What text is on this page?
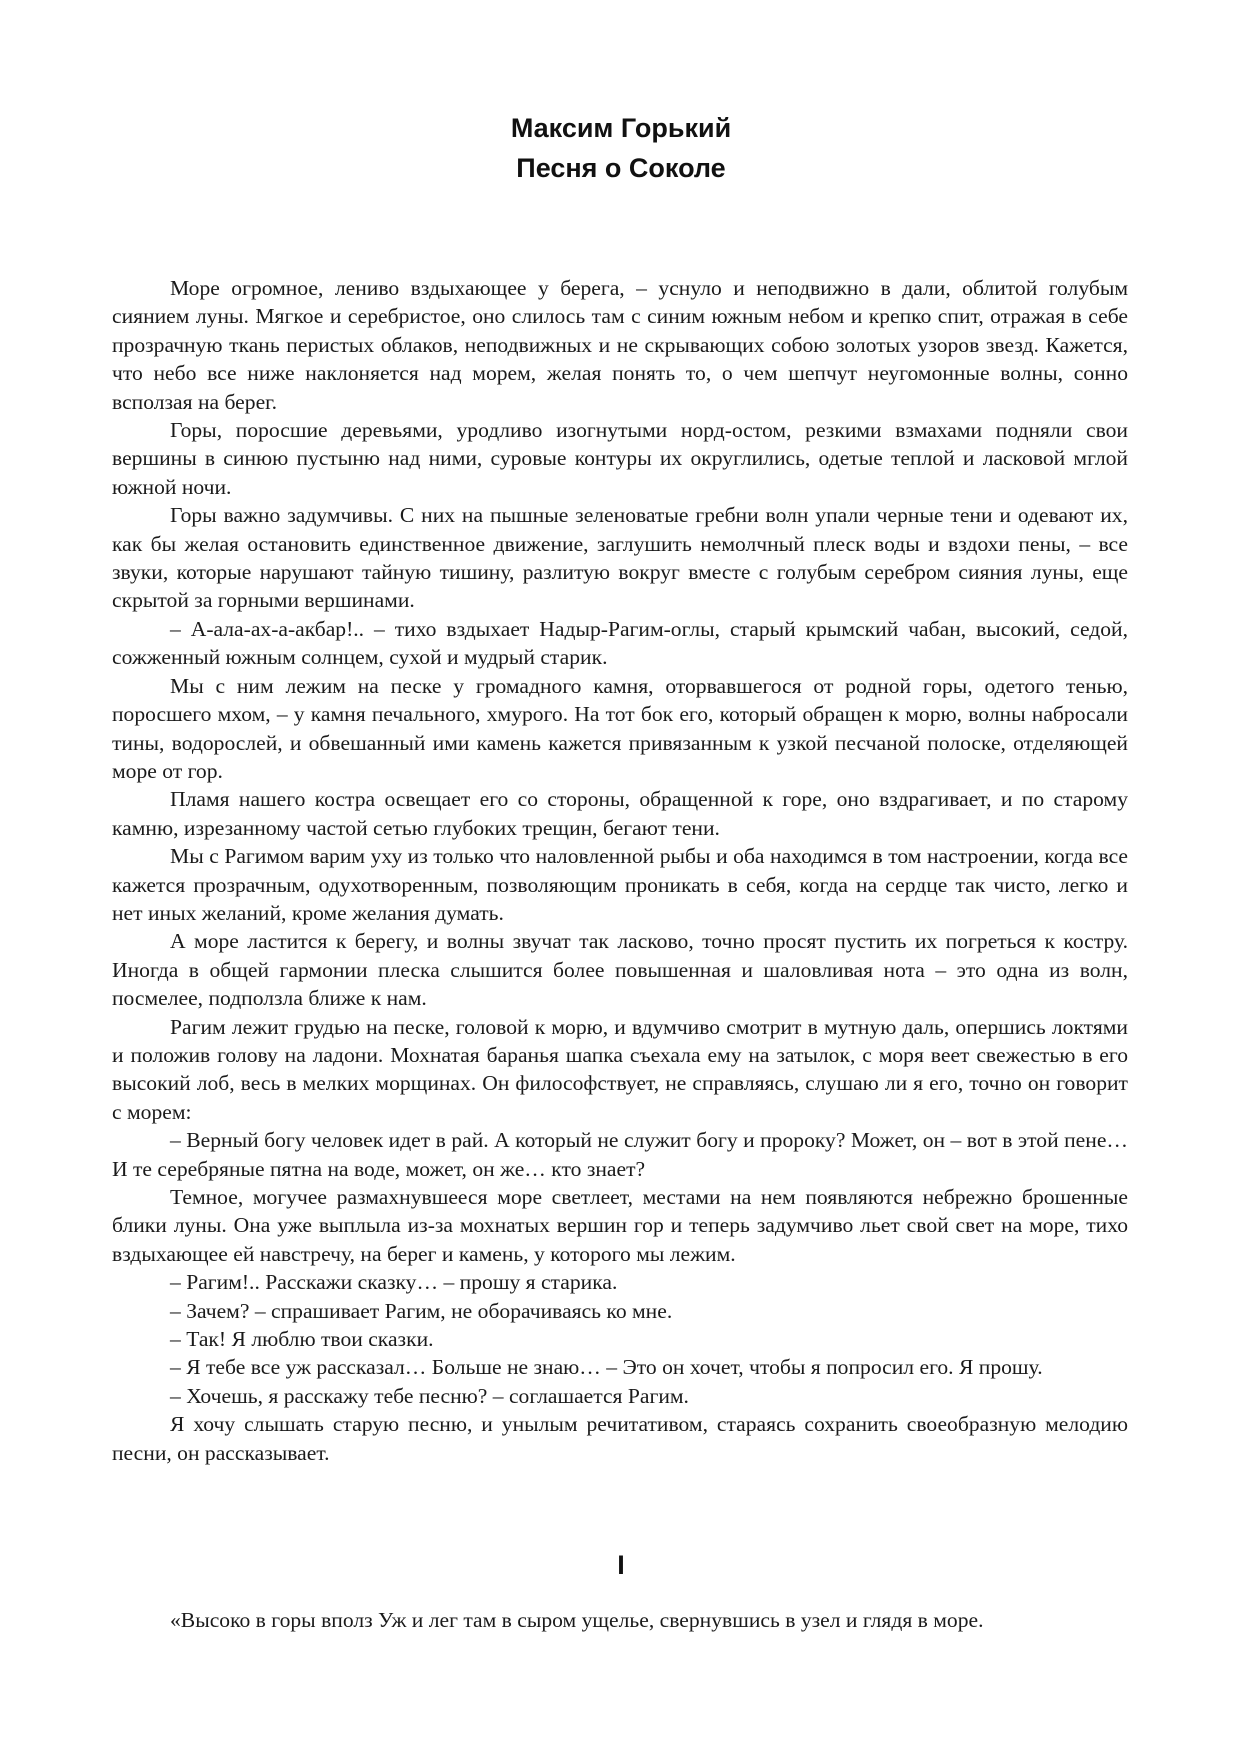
Максим Горький
Песня о Соколе

Море огромное, лениво вздыхающее у берега, – уснуло и неподвижно в дали, облитой голубым сиянием луны. Мягкое и серебристое, оно слилось там с синим южным небом и крепко спит, отражая в себе прозрачную ткань перистых облаков, неподвижных и не скрывающих собою золотых узоров звезд. Кажется, что небо все ниже наклоняется над морем, желая понять то, о чем шепчут неугомонные волны, сонно всползая на берег.

Горы, поросшие деревьями, уродливо изогнутыми норд-остом, резкими взмахами подняли свои вершины в синюю пустыню над ними, суровые контуры их округлились, одетые теплой и ласковой мглой южной ночи.

Горы важно задумчивы. С них на пышные зеленоватые гребни волн упали черные тени и одевают их, как бы желая остановить единственное движение, заглушить немолчный плеск воды и вздохи пены, – все звуки, которые нарушают тайную тишину, разлитую вокруг вместе с голубым серебром сияния луны, еще скрытой за горными вершинами.

– А-ала-ах-а-акбар!.. – тихо вздыхает Надыр-Рагим-оглы, старый крымский чабан, высокий, седой, сожженный южным солнцем, сухой и мудрый старик.

Мы с ним лежим на песке у громадного камня, оторвавшегося от родной горы, одетого тенью, поросшего мхом, – у камня печального, хмурого. На тот бок его, который обращен к морю, волны набросали тины, водорослей, и обвешанный ими камень кажется привязанным к узкой песчаной полоске, отделяющей море от гор.

Пламя нашего костра освещает его со стороны, обращенной к горе, оно вздрагивает, и по старому камню, изрезанному частой сетью глубоких трещин, бегают тени.

Мы с Рагимом варим уху из только что наловленной рыбы и оба находимся в том настроении, когда все кажется прозрачным, одухотворенным, позволяющим проникать в себя, когда на сердце так чисто, легко и нет иных желаний, кроме желания думать.

А море ластится к берегу, и волны звучат так ласково, точно просят пустить их погреться к костру. Иногда в общей гармонии плеска слышится более повышенная и шаловливая нота – это одна из волн, посмелее, подползла ближе к нам.

Рагим лежит грудью на песке, головой к морю, и вдумчиво смотрит в мутную даль, опершись локтями и положив голову на ладони. Мохнатая баранья шапка съехала ему на затылок, с моря веет свежестью в его высокий лоб, весь в мелких морщинах. Он философствует, не справляясь, слушаю ли я его, точно он говорит с морем:

– Верный богу человек идет в рай. А который не служит богу и пророку? Может, он – вот в этой пене… И те серебряные пятна на воде, может, он же… кто знает?

Темное, могучее размахнувшееся море светлеет, местами на нем появляются небрежно брошенные блики луны. Она уже выплыла из-за мохнатых вершин гор и теперь задумчиво льет свой свет на море, тихо вздыхающее ей навстречу, на берег и камень, у которого мы лежим.

– Рагим!.. Расскажи сказку… – прошу я старика.

– Зачем? – спрашивает Рагим, не оборачиваясь ко мне.

– Так! Я люблю твои сказки.

– Я тебе все уж рассказал… Больше не знаю… – Это он хочет, чтобы я попросил его. Я прошу.

– Хочешь, я расскажу тебе песню? – соглашается Рагим.

Я хочу слышать старую песню, и унылым речитативом, стараясь сохранить своеобразную мелодию песни, он рассказывает.

I

«Высоко в горы вполз Уж и лег там в сыром ущелье, свернувшись в узел и глядя в море.
